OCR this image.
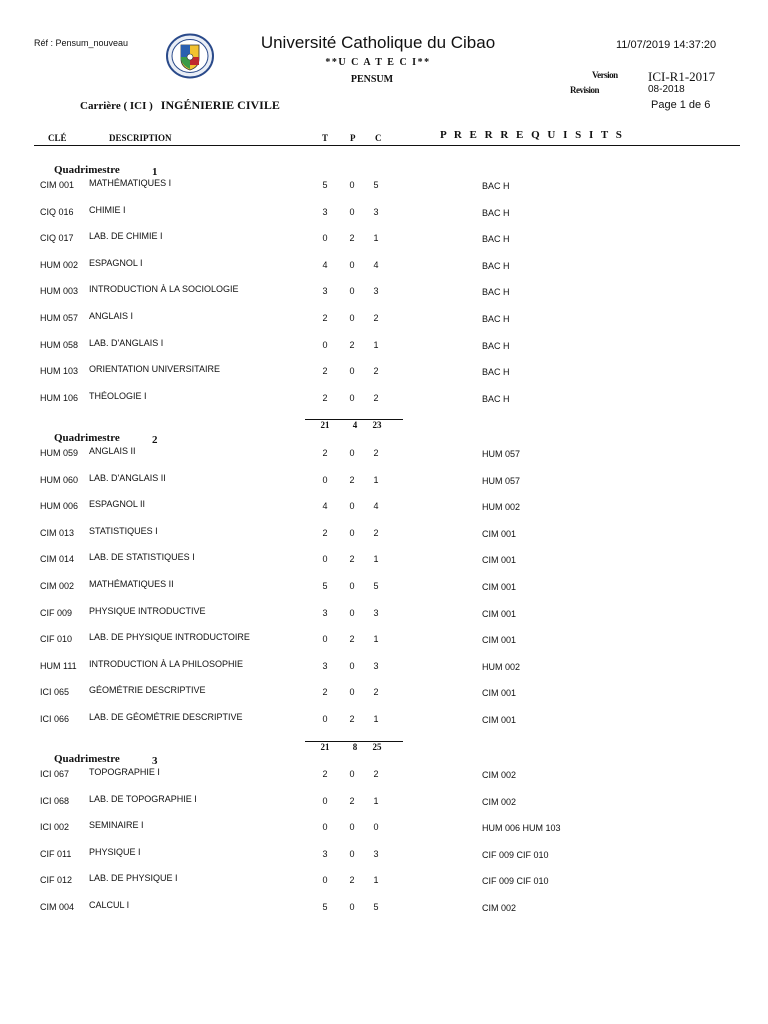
Réf : Pensum_nouveau	Université Catholique du Cibao	11/07/2019 14:37:20
**U C A T E C I**
PENSUM	Version ICI-R1-2017
Revision	08-2018
Page 1 de 6
Carrière ( ICI ) INGÉNIERIE CIVILE
CLÉ	DESCRIPTION	T P C	P R E R R E Q U I S I T S
Quadrimestre	1
CIM 001 MATHÉMATIQUES I	5	0	5	BAC H
CIQ 016 CHIMIE I	3	0	3	BAC H
CIQ 017 LAB. DE CHIMIE I	0	2	1	BAC H
HUM 002 ESPAGNOL I	4	0	4	BAC H
HUM 003 INTRODUCTION À LA SOCIOLOGIE	3	0	3	BAC H
HUM 057 ANGLAIS I	2	0	2	BAC H
HUM 058 LAB. D'ANGLAIS I	0	2	1	BAC H
HUM 103 ORIENTATION UNIVERSITAIRE	2	0	2	BAC H
HUM 106 THÉOLOGIE I	2	0	2	BAC H
21	4	23
Quadrimestre	2
HUM 059 ANGLAIS II	2	0	2	HUM 057
HUM 060 LAB. D'ANGLAIS II	0	2	1	HUM 057
HUM 006 ESPAGNOL II	4	0	4	HUM 002
CIM 013 STATISTIQUES I	2	0	2	CIM 001
CIM 014 LAB. DE STATISTIQUES I	0	2	1	CIM 001
CIM 002 MATHÉMATIQUES II	5	0	5	CIM 001
CIF 009 PHYSIQUE INTRODUCTIVE	3	0	3	CIM 001
CIF 010 LAB. DE PHYSIQUE INTRODUCTOIRE	0	2	1	CIM 001
HUM 111 INTRODUCTION À LA PHILOSOPHIE	3	0	3	HUM 002
ICI 065 GÉOMÉTRIE DESCRIPTIVE	2	0	2	CIM 001
ICI 066 LAB. DE GÉOMÉTRIE DESCRIPTIVE	0	2	1	CIM 001
21	8	25
Quadrimestre	3
ICI 067 TOPOGRAPHIE I	2	0	2	CIM 002
ICI 068 LAB. DE TOPOGRAPHIE I	0	2	1	CIM 002
ICI 002 SEMINAIRE I	0	0	0	HUM 006 HUM 103
CIF 011 PHYSIQUE I	3	0	3	CIF 009 CIF 010
CIF 012 LAB. DE PHYSIQUE I	0	2	1	CIF 009 CIF 010
CIM 004 CALCUL I	5	0	5	CIM 002
